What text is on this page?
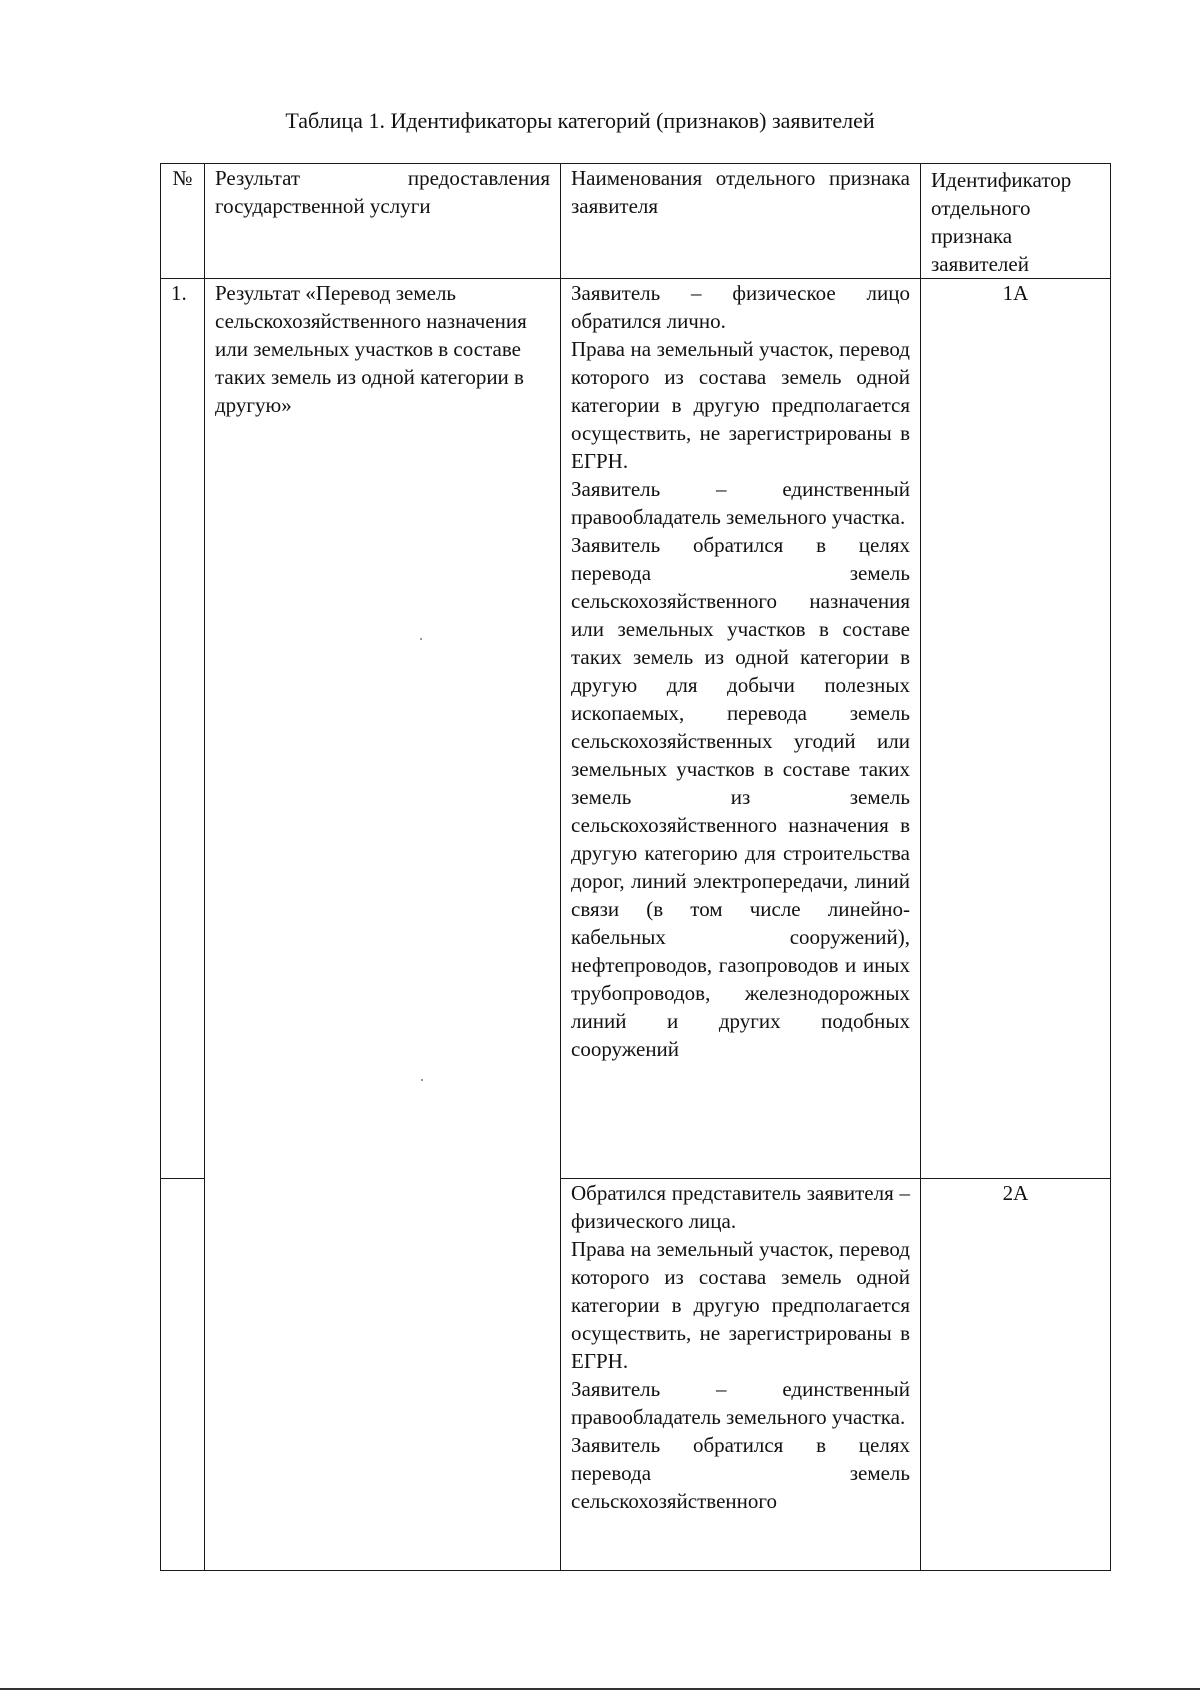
Таблица 1. Идентификаторы категорий (признаков) заявителей
№	Результат предоставления государственной услуги	Наименования отдельного признака заявителя	Идентификатор отдельного признака заявителей
1.	Результат «Перевод земель сельскохозяйственного назначения или земельных участков в составе таких земель из одной категории в другую»	Заявитель – физическое лицо обратился лично.

Права на земельный участок, перевод которого из состава земель одной категории в другую предполагается осуществить, не зарегистрированы в ЕГРН.

Заявитель – единственный правообладатель земельного участка.

Заявитель обратился в целях перевода земель сельскохозяйственного назначения или земельных участков в составе таких земель из одной категории в другую для добычи полезных ископаемых, перевода земель сельскохозяйственных угодий или земельных участков в составе таких земель из земель сельскохозяйственного назначения в другую категорию для строительства дорог, линий электропередачи, линий связи (в том числе линейно-кабельных сооружений), нефтепроводов, газопроводов и иных трубопроводов, железнодорожных линий и других подобных сооружений	1А

		Обратился представитель заявителя – физического лица.

Права на земельный участок, перевод которого из состава земель одной категории в другую предполагается осуществить, не зарегистрированы в ЕГРН.

Заявитель – единственный правообладатель земельного участка.

Заявитель обратился в целях перевода земель сельскохозяйственного	2А
